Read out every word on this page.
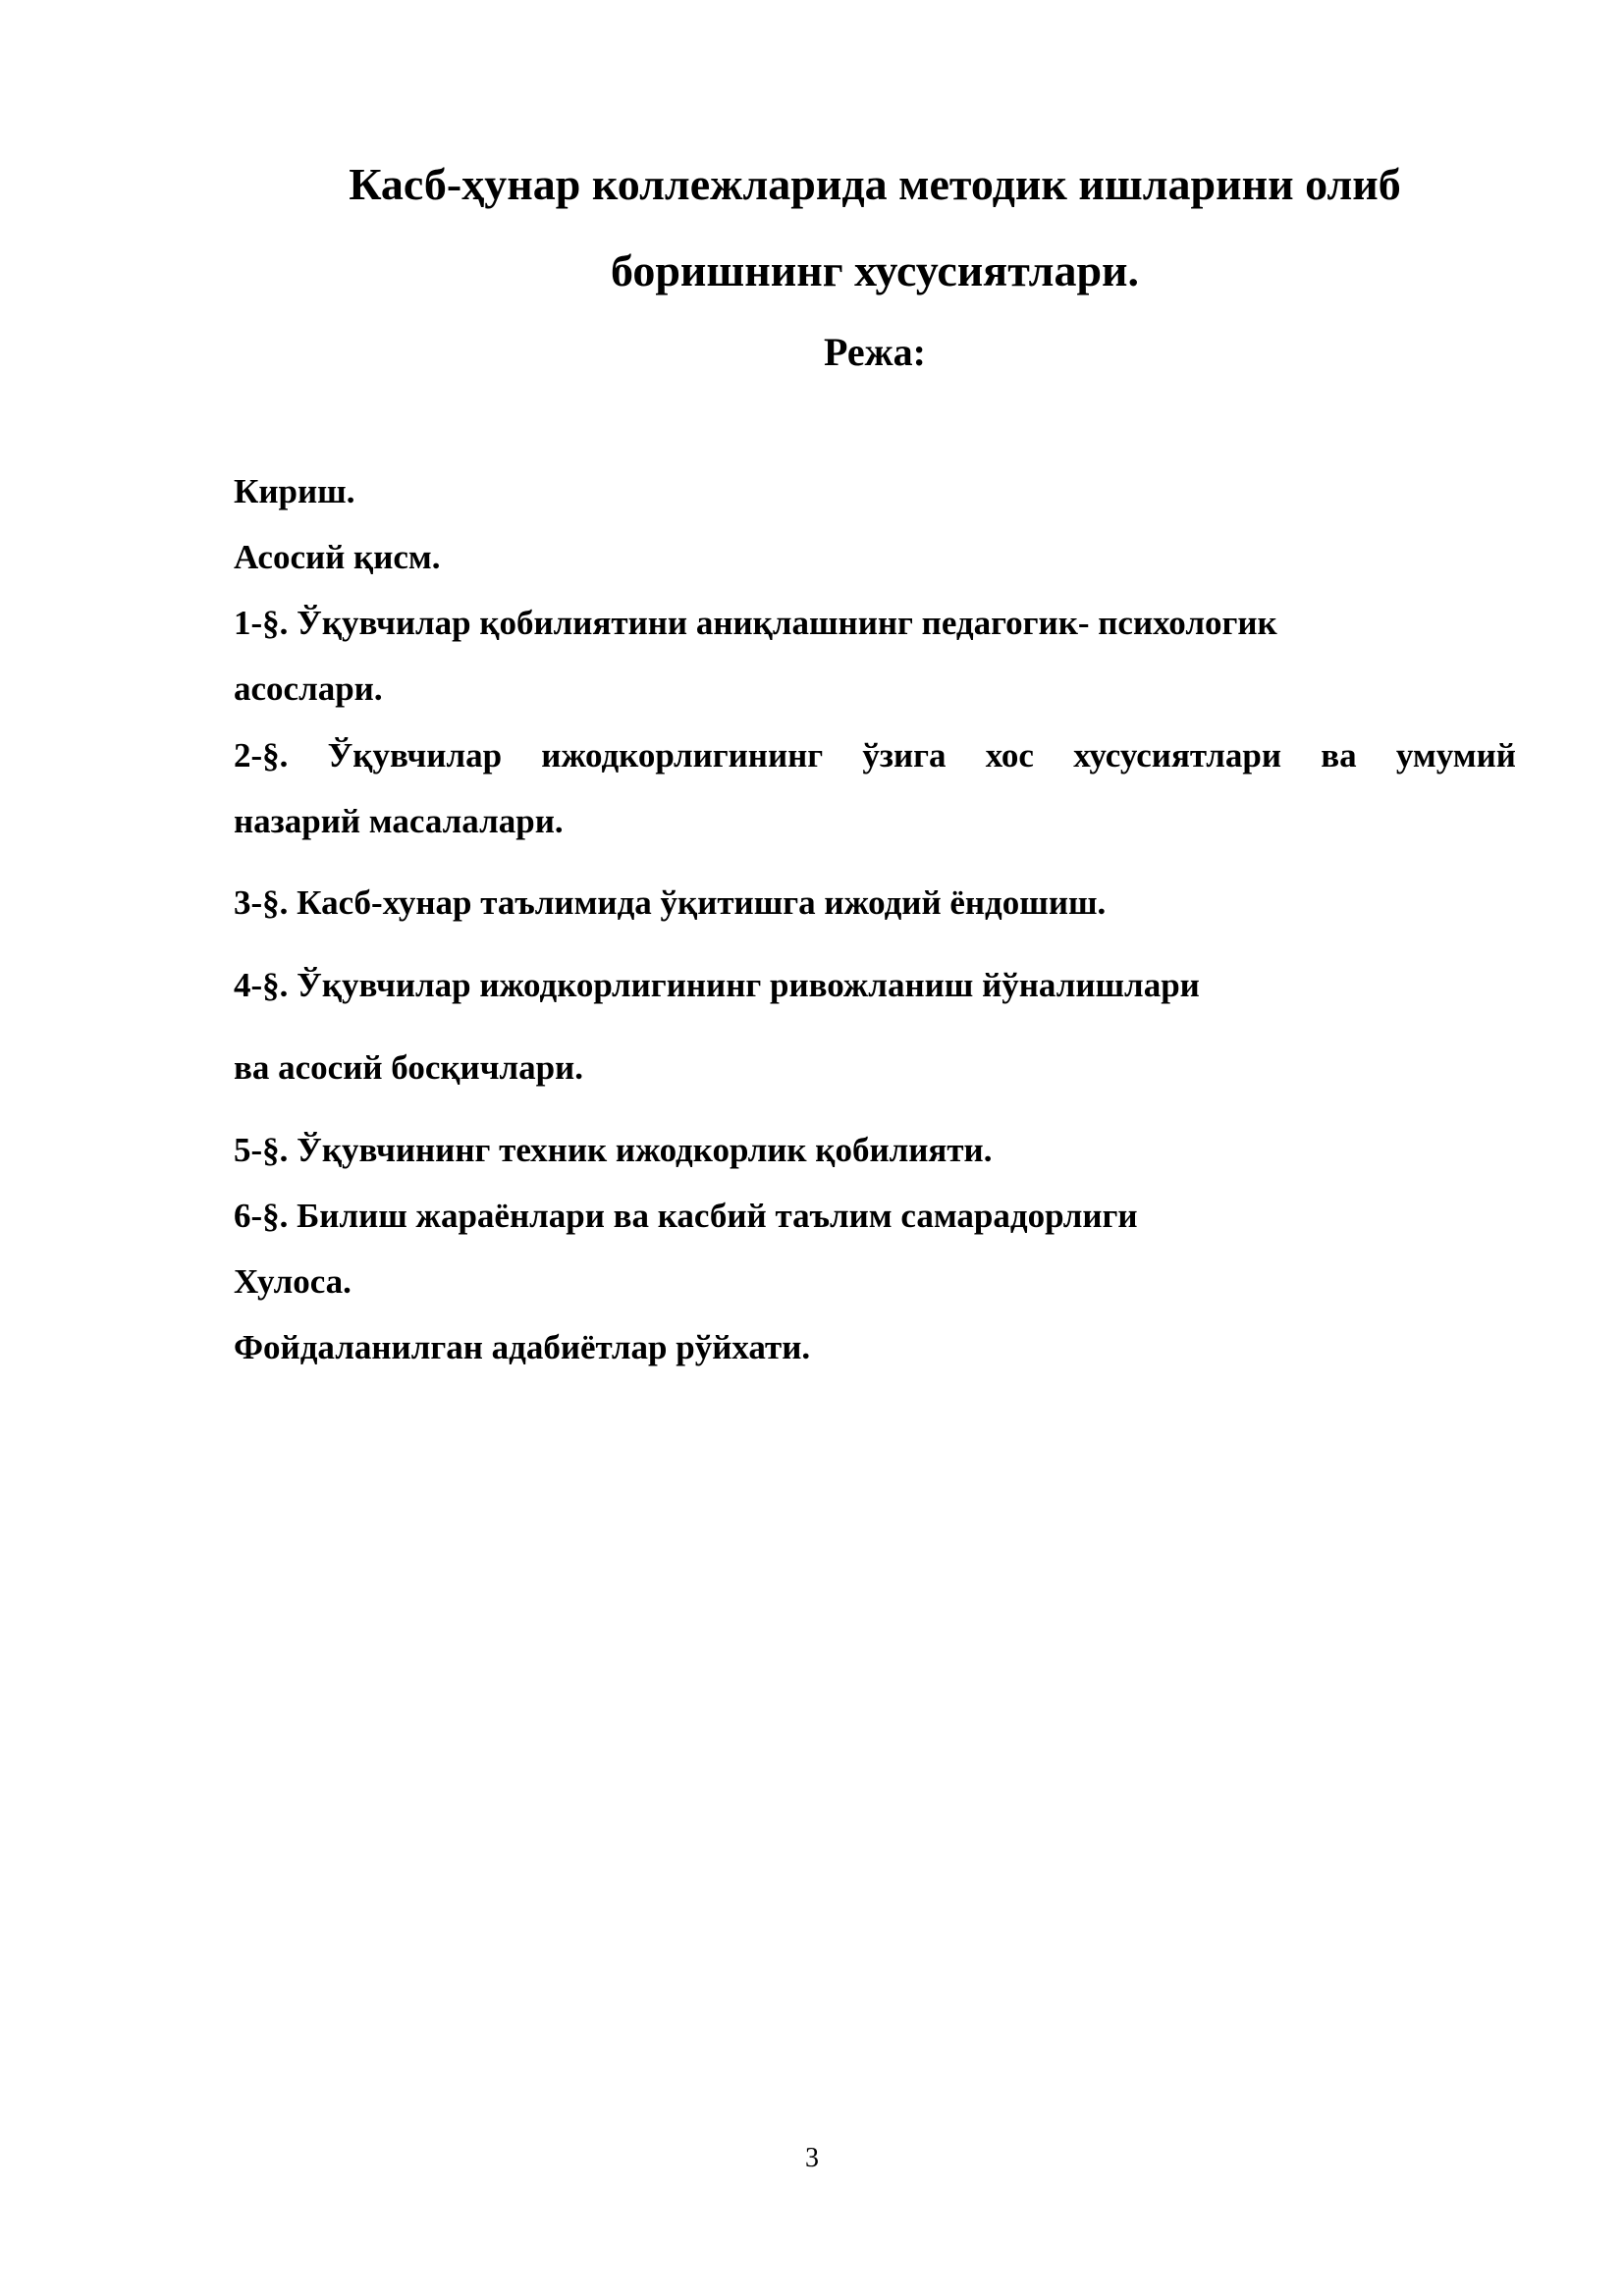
Касб-ҳунар коллежларида методик ишларини олиб
боришнинг хусусиятлари.
Режа:

Кириш.

Асосий қисм.

1-§. Ўқувчилар қобилиятини аниқлашнинг педагогик- психологик

асослари.

2-§. Ўқувчилар ижодкорлигининг ўзига хос хусусиятлари ва умумий

назарий масалалари.

3-§. Касб-хунар таълимида ўқитишга ижодий ёндошиш.

4-§. Ўқувчилар ижодкорлигининг ривожланиш йўналишлари

ва асосий босқичлари.

5-§. Ўқувчининг техник ижодкорлик қобилияти.

6-§. Билиш жараёнлари ва касбий таълим самарадорлиги

Хулоса.

Фойдаланилган адабиётлар рўйхати.

3
